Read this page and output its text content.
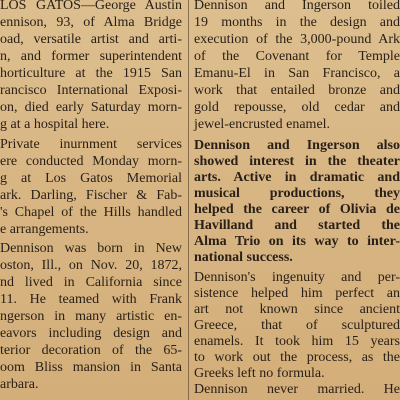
LOS GATOS—George Austin
ennison, 93, of Alma Bridge
oad, versatile artist and arti-
n, and former superintendent
horticulture at the 1915 San
rancisco International Exposi-
on, died early Saturday morn-
g at a hospital here.
Private inurnment services
ere conducted Monday morn-
g at Los Gatos Memorial
ark. Darling, Fischer & Fab-
's Chapel of the Hills handled
e arrangements.
Dennison was born in New
oston, Ill., on Nov. 20, 1872,
nd lived in California since
11. He teamed with Frank
ngerson in many artistic en-
eavors including design and
terior decoration of the 65-
oom Bliss mansion in Santa
arbara.
Dennison and Ingerson toiled
19 months in the design and
execution of the 3,000-pound Ark
of the Covenant for Temple
Emanu-El in San Francisco, a
work that entailed bronze and
gold repousse, old cedar and
jewel-encrusted enamel.
Dennison and Ingerson also
showed interest in the theater
arts. Active in dramatic and
musical productions, they
helped the career of Olivia de
Havilland and started the
Alma Trio on its way to inter-
national success.
Dennison's ingenuity and per-
sistence helped him perfect an
art not known since ancient
Greece, that of sculptured
enamels. It took him 15 years
to work out the process, as the
Greeks left no formula.
Dennison never married. He
